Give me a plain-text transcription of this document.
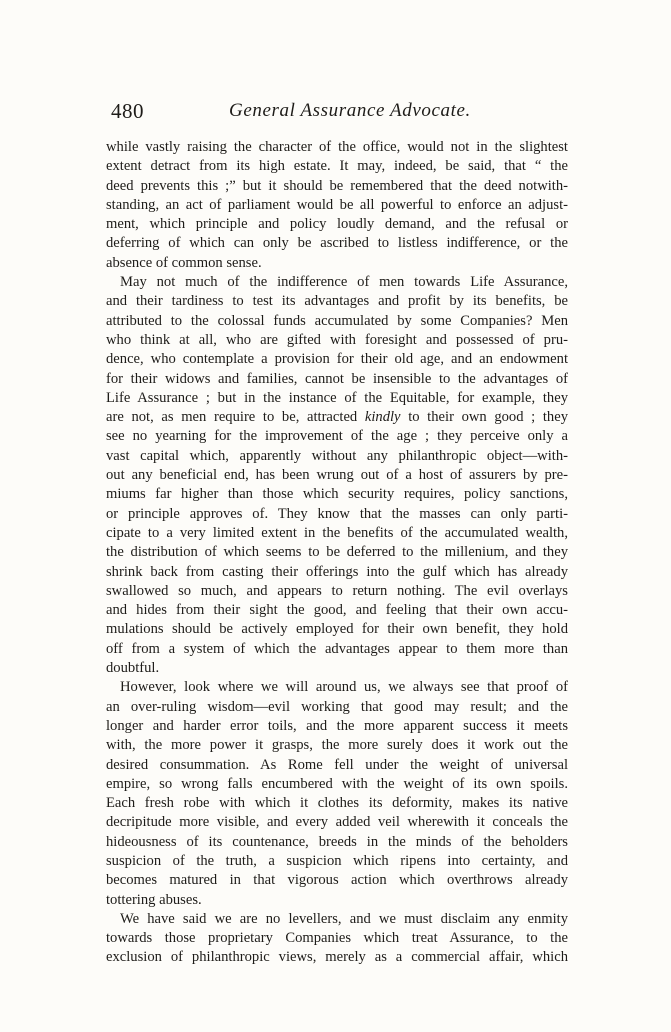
480	General Assurance Advocate.
while vastly raising the character of the office, would not in the slightest
extent detract from its high estate. It may, indeed, be said, that “ the
deed prevents this ;” but it should be remembered that the deed notwith-
standing, an act of parliament would be all powerful to enforce an adjust-
ment, which principle and policy loudly demand, and the refusal or
deferring of which can only be ascribed to listless indifference, or the
absence of common sense.
May not much of the indifference of men towards Life Assurance,
and their tardiness to test its advantages and profit by its benefits, be
attributed to the colossal funds accumulated by some Companies? Men
who think at all, who are gifted with foresight and possessed of pru-
dence, who contemplate a provision for their old age, and an endowment
for their widows and families, cannot be insensible to the advantages of
Life Assurance ; but in the instance of the Equitable, for example, they
are not, as men require to be, attracted kindly to their own good ; they
see no yearning for the improvement of the age ; they perceive only a
vast capital which, apparently without any philanthropic object—with-
out any beneficial end, has been wrung out of a host of assurers by pre-
miums far higher than those which security requires, policy sanctions,
or principle approves of. They know that the masses can only parti-
cipate to a very limited extent in the benefits of the accumulated wealth,
the distribution of which seems to be deferred to the millenium, and they
shrink back from casting their offerings into the gulf which has already
swallowed so much, and appears to return nothing. The evil overlays
and hides from their sight the good, and feeling that their own accu-
mulations should be actively employed for their own benefit, they hold
off from a system of which the advantages appear to them more than
doubtful.
However, look where we will around us, we always see that proof of
an over-ruling wisdom—evil working that good may result; and the
longer and harder error toils, and the more apparent success it meets
with, the more power it grasps, the more surely does it work out the
desired consummation. As Rome fell under the weight of universal
empire, so wrong falls encumbered with the weight of its own spoils.
Each fresh robe with which it clothes its deformity, makes its native
decripitude more visible, and every added veil wherewith it conceals the
hideousness of its countenance, breeds in the minds of the beholders
suspicion of the truth, a suspicion which ripens into certainty, and
becomes matured in that vigorous action which overthrows already
tottering abuses.
We have said we are no levellers, and we must disclaim any enmity
towards those proprietary Companies which treat Assurance, to the
exclusion of philanthropic views, merely as a commercial affair, which
